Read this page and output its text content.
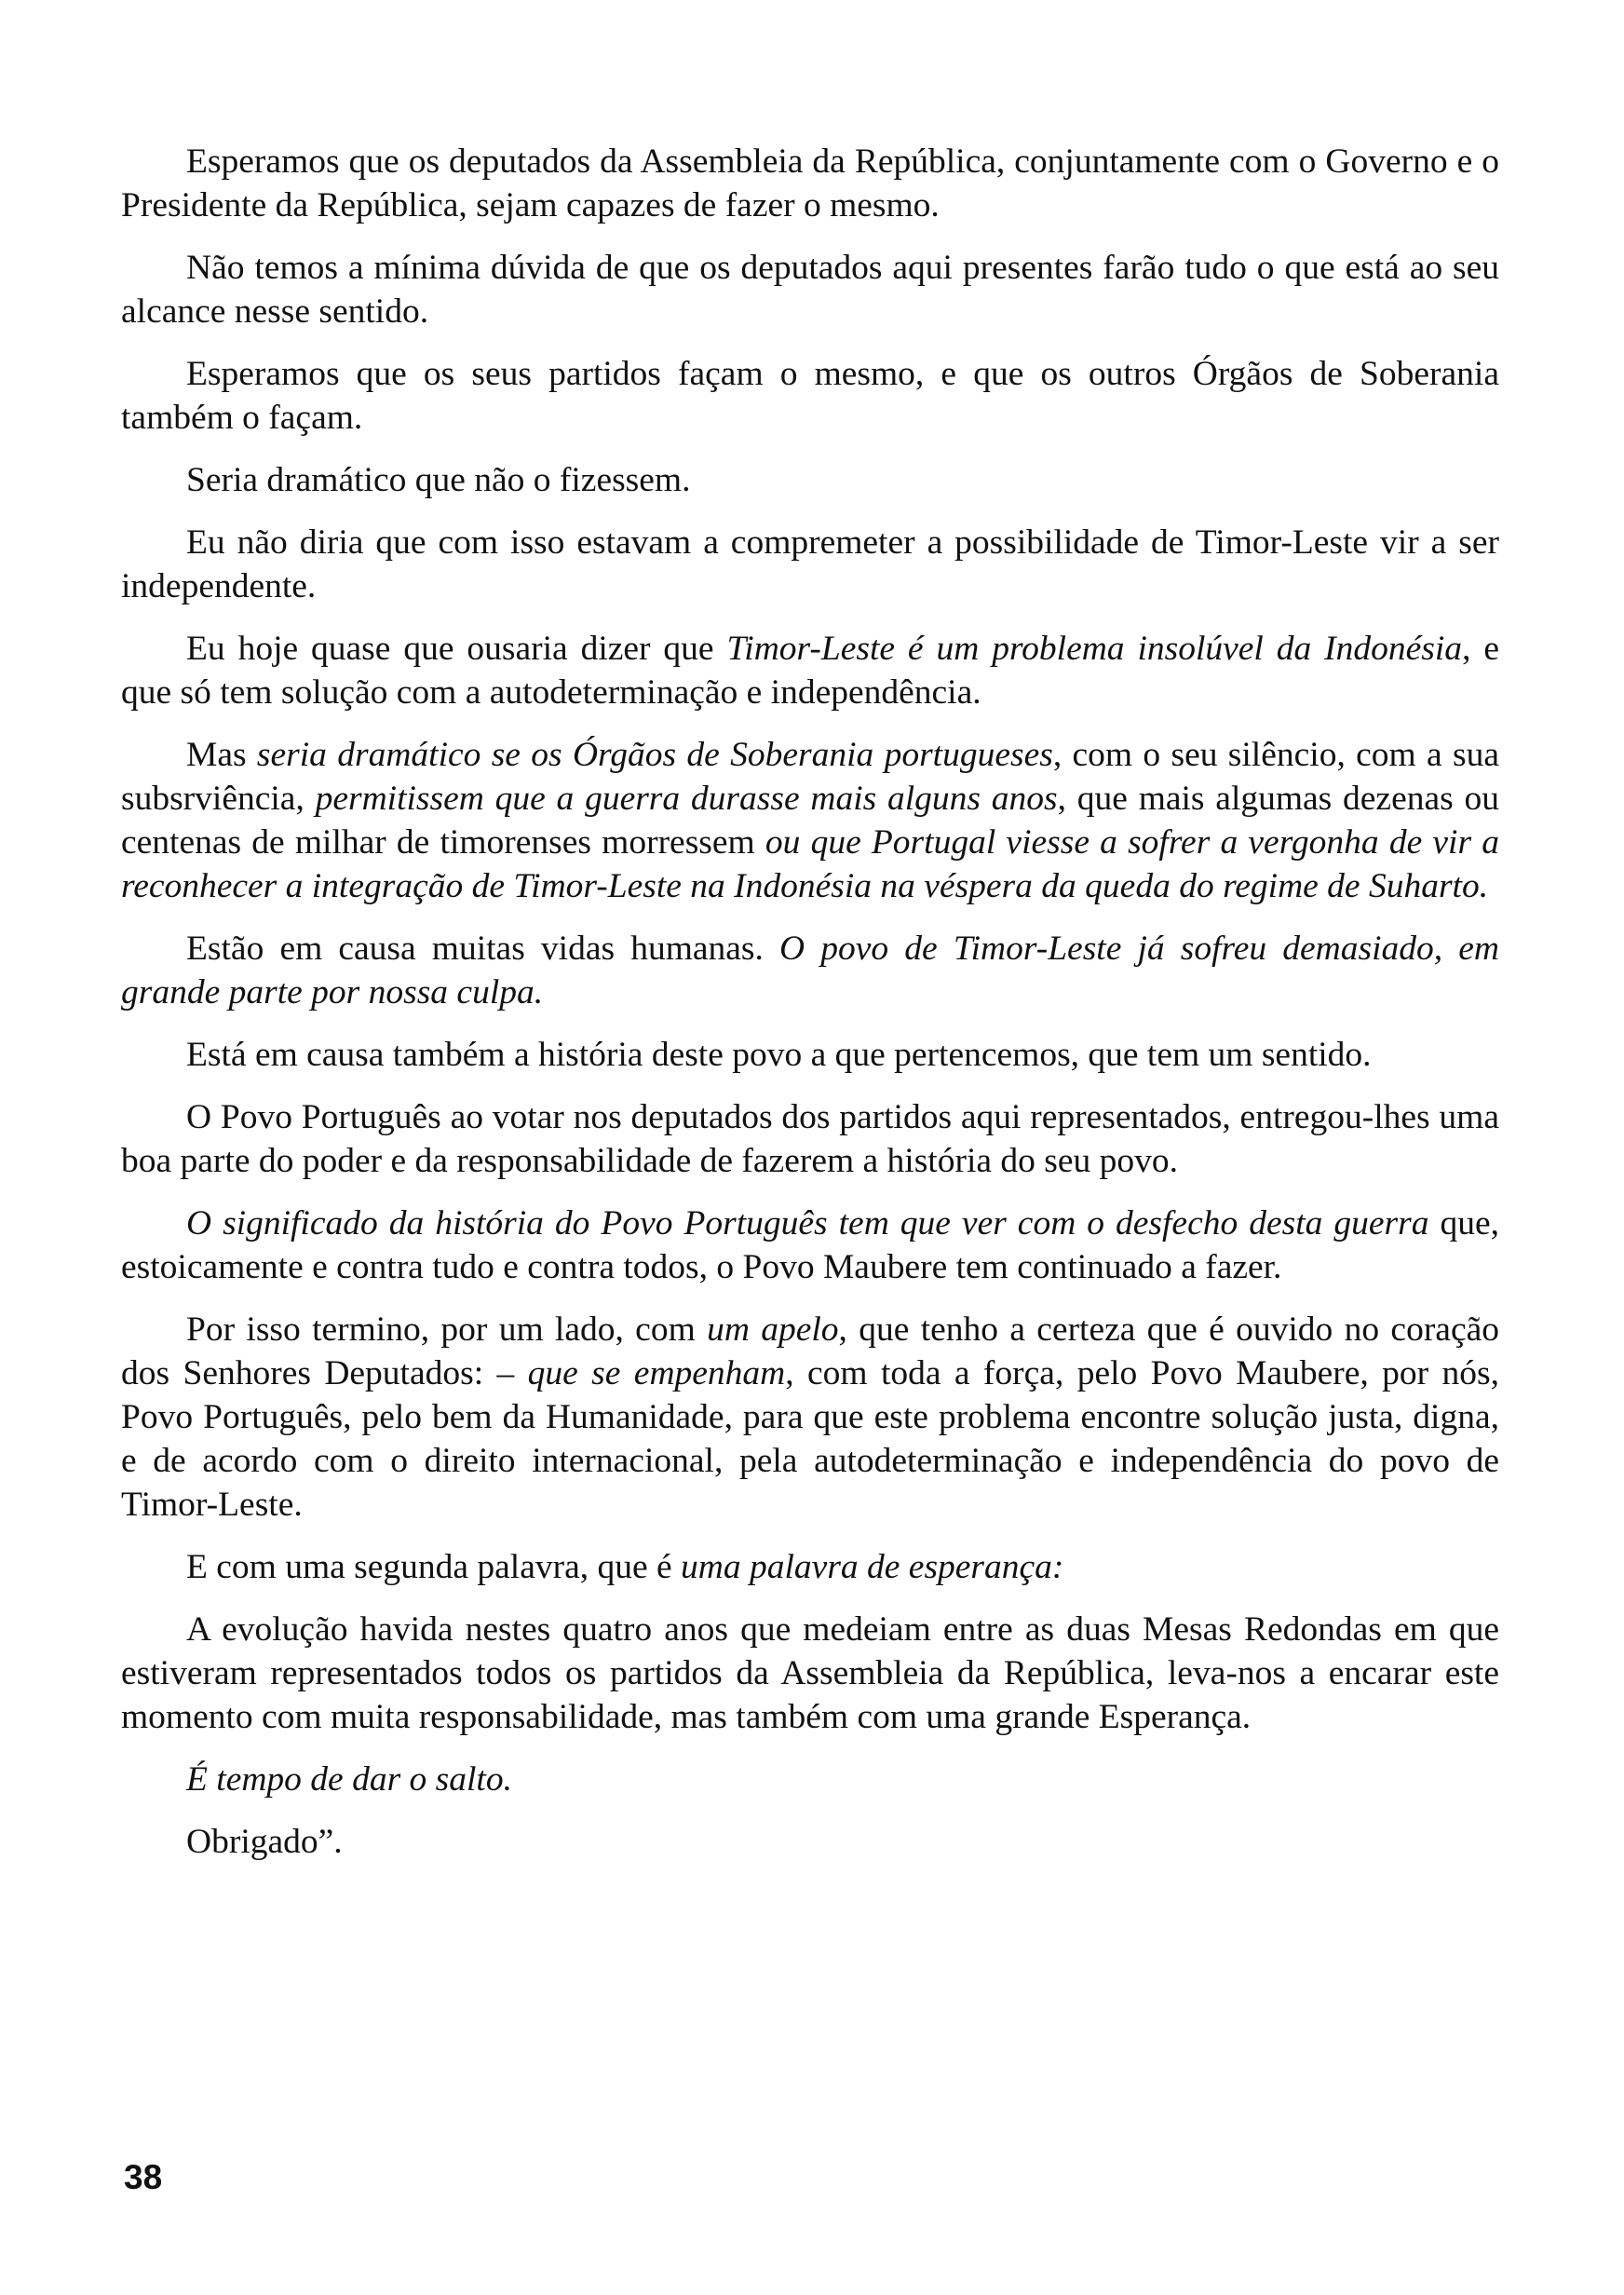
Esperamos que os deputados da Assembleia da República, conjuntamente com o Governo e o Presidente da República, sejam capazes de fazer o mesmo.

Não temos a mínima dúvida de que os deputados aqui presentes farão tudo o que está ao seu alcance nesse sentido.

Esperamos que os seus partidos façam o mesmo, e que os outros Órgãos de Soberania também o façam.

Seria dramático que não o fizessem.

Eu não diria que com isso estavam a compremeter a possibilidade de Timor-Leste vir a ser independente.

Eu hoje quase que ousaria dizer que Timor-Leste é um problema insolúvel da Indonésia, e que só tem solução com a autodeterminação e independência.

Mas seria dramático se os Órgãos de Soberania portugueses, com o seu silêncio, com a sua subsrviência, permitissem que a guerra durasse mais alguns anos, que mais algumas dezenas ou centenas de milhar de timorenses morressem ou que Portugal viesse a sofrer a vergonha de vir a reconhecer a integração de Timor-Leste na Indonésia na véspera da queda do regime de Suharto.

Estão em causa muitas vidas humanas. O povo de Timor-Leste já sofreu demasiado, em grande parte por nossa culpa.

Está em causa também a história deste povo a que pertencemos, que tem um sentido.

O Povo Português ao votar nos deputados dos partidos aqui representados, entregou-lhes uma boa parte do poder e da responsabilidade de fazerem a história do seu povo.

O significado da história do Povo Português tem que ver com o desfecho desta guerra que, estoicamente e contra tudo e contra todos, o Povo Maubere tem continuado a fazer.

Por isso termino, por um lado, com um apelo, que tenho a certeza que é ouvido no coração dos Senhores Deputados: – que se empenham, com toda a força, pelo Povo Maubere, por nós, Povo Português, pelo bem da Humanidade, para que este problema encontre solução justa, digna, e de acordo com o direito internacional, pela autodeterminação e independência do povo de Timor-Leste.

E com uma segunda palavra, que é uma palavra de esperança:

A evolução havida nestes quatro anos que medeiam entre as duas Mesas Redondas em que estiveram representados todos os partidos da Assembleia da República, leva-nos a encarar este momento com muita responsabilidade, mas também com uma grande Esperança.

É tempo de dar o salto.

Obrigado”.

38
